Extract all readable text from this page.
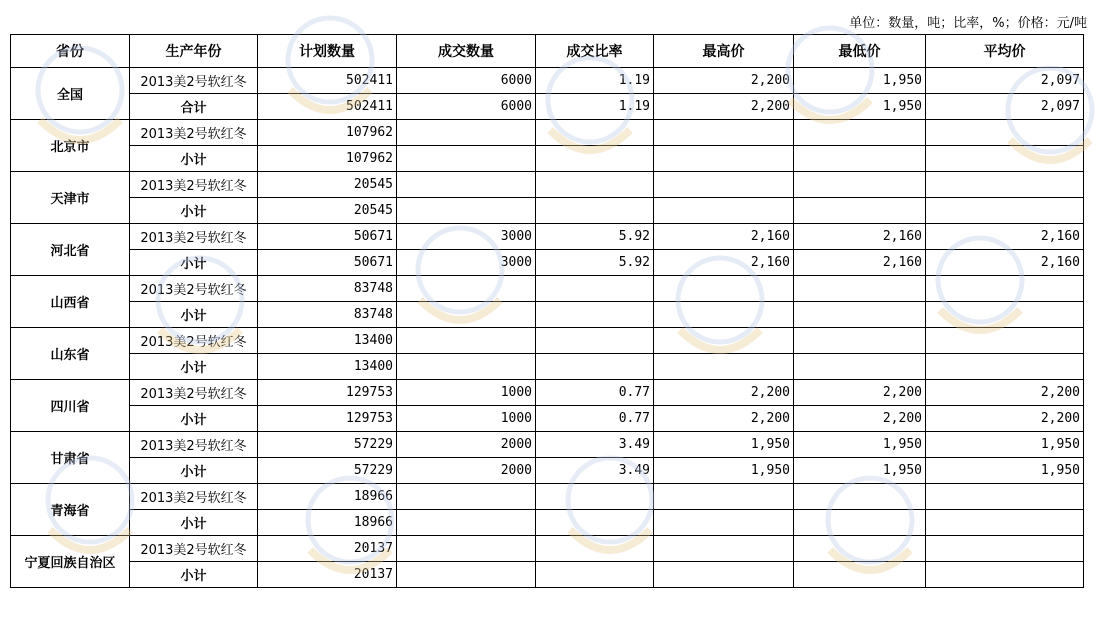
单位：数量，吨；比率，%；价格：元/吨
省份	生产年份	计划数量	成交数量	成交比率	最高价	最低价	平均价
全国	2013美2号软红冬	502411	6000	1.19	2,200	1,950	2,097
	合计	502411	6000	1.19	2,200	1,950	2,097
北京市	2013美2号软红冬	107962					
	小计	107962					
天津市	2013美2号软红冬	20545					
	小计	20545					
河北省	2013美2号软红冬	50671	3000	5.92	2,160	2,160	2,160
	小计	50671	3000	5.92	2,160	2,160	2,160
山西省	2013美2号软红冬	83748					
	小计	83748					
山东省	2013美2号软红冬	13400					
	小计	13400					
四川省	2013美2号软红冬	129753	1000	0.77	2,200	2,200	2,200
	小计	129753	1000	0.77	2,200	2,200	2,200
甘肃省	2013美2号软红冬	57229	2000	3.49	1,950	1,950	1,950
	小计	57229	2000	3.49	1,950	1,950	1,950
青海省	2013美2号软红冬	18966					
	小计	18966					
宁夏回族自治区	2013美2号软红冬	20137					
	小计	20137					
